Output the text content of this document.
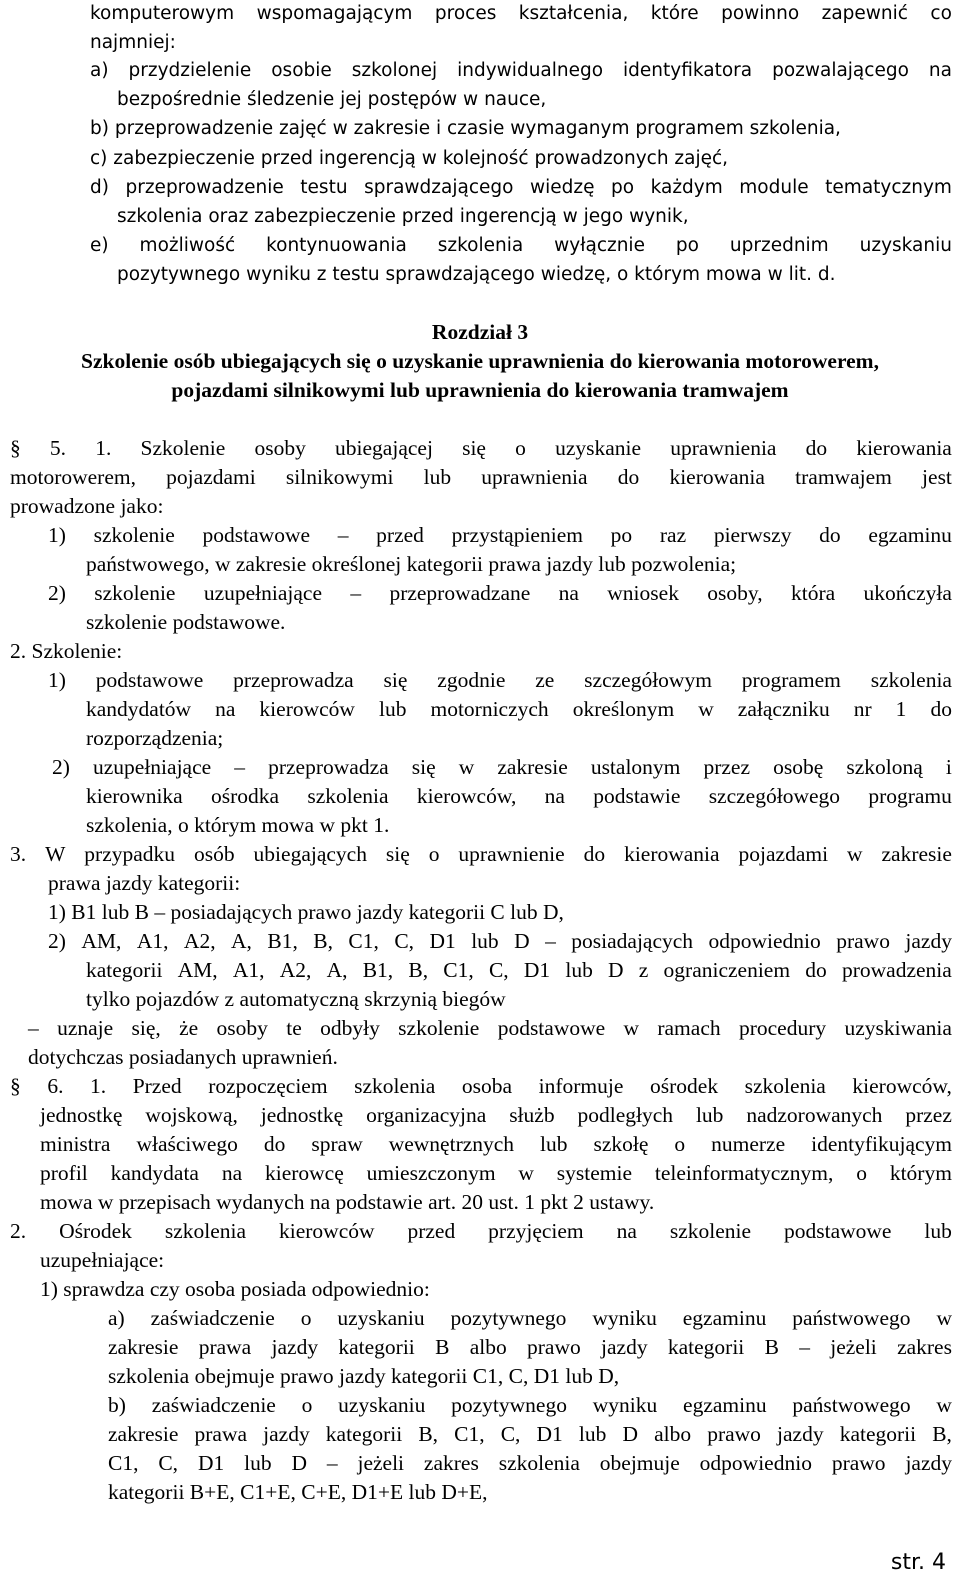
komputerowym wspomagającym proces kształcenia, które powinno zapewnić co
najmniej:
a) przydzielenie osobie szkolonej indywidualnego identyfikatora pozwalającego na
bezpośrednie śledzenie jej postępów w nauce,
b) przeprowadzenie zajęć w zakresie i czasie wymaganym programem szkolenia,
c) zabezpieczenie przed ingerencją w kolejność prowadzonych zajęć,
d) przeprowadzenie testu sprawdzającego wiedzę po każdym module tematycznym
szkolenia oraz zabezpieczenie przed ingerencją w jego wynik,
e) możliwość kontynuowania szkolenia wyłącznie po uprzednim uzyskaniu
pozytywnego wyniku z testu sprawdzającego wiedzę, o którym mowa w lit. d.
Rozdział 3
Szkolenie osób ubiegających się o uzyskanie uprawnienia do kierowania motorowerem,
pojazdami silnikowymi lub uprawnienia do kierowania tramwajem
§ 5. 1. Szkolenie osoby ubiegającej się o uzyskanie uprawnienia do kierowania
motorowerem, pojazdami silnikowymi lub uprawnienia do kierowania tramwajem jest
prowadzone jako:
1) szkolenie podstawowe – przed przystąpieniem po raz pierwszy do egzaminu
państwowego, w zakresie określonej kategorii prawa jazdy lub pozwolenia;
2) szkolenie uzupełniające – przeprowadzane na wniosek osoby, która ukończyła
szkolenie podstawowe.
2. Szkolenie:
1) podstawowe przeprowadza się zgodnie ze szczegółowym programem szkolenia
kandydatów na kierowców lub motorniczych określonym w załączniku nr 1 do
rozporządzenia;
2) uzupełniające – przeprowadza się w zakresie ustalonym przez osobę szkoloną i
kierownika ośrodka szkolenia kierowców, na podstawie szczegółowego programu
szkolenia, o którym mowa w pkt 1.
3. W przypadku osób ubiegających się o uprawnienie do kierowania pojazdami w zakresie
prawa jazdy kategorii:
1) B1 lub B – posiadających prawo jazdy kategorii C lub D,
2) AM, A1, A2, A, B1, B, C1, C, D1 lub D – posiadających odpowiednio prawo jazdy
kategorii AM, A1, A2, A, B1, B, C1, C, D1 lub D z ograniczeniem do prowadzenia
tylko pojazdów z automatyczną skrzynią biegów
– uznaje się, że osoby te odbyły szkolenie podstawowe w ramach procedury uzyskiwania
dotychczas posiadanych uprawnień.
§ 6. 1. Przed rozpoczęciem szkolenia osoba informuje ośrodek szkolenia kierowców,
jednostkę wojskową, jednostkę organizacyjna służb podległych lub nadzorowanych przez
ministra właściwego do spraw wewnętrznych lub szkołę o numerze identyfikującym
profil kandydata na kierowcę umieszczonym w systemie teleinformatycznym, o którym
mowa w przepisach wydanych na podstawie art. 20 ust. 1 pkt 2 ustawy.
2. Ośrodek szkolenia kierowców przed przyjęciem na szkolenie podstawowe lub
uzupełniające:
1) sprawdza czy osoba posiada odpowiednio:
a) zaświadczenie o uzyskaniu pozytywnego wyniku egzaminu państwowego w
zakresie prawa jazdy kategorii B albo prawo jazdy kategorii B – jeżeli zakres
szkolenia obejmuje prawo jazdy kategorii C1, C, D1 lub D,
b) zaświadczenie o uzyskaniu pozytywnego wyniku egzaminu państwowego w
zakresie prawa jazdy kategorii B, C1, C, D1 lub D albo prawo jazdy kategorii B,
C1, C, D1 lub D – jeżeli zakres szkolenia obejmuje odpowiednio prawo jazdy
kategorii B+E, C1+E, C+E, D1+E lub D+E,
str. 4
